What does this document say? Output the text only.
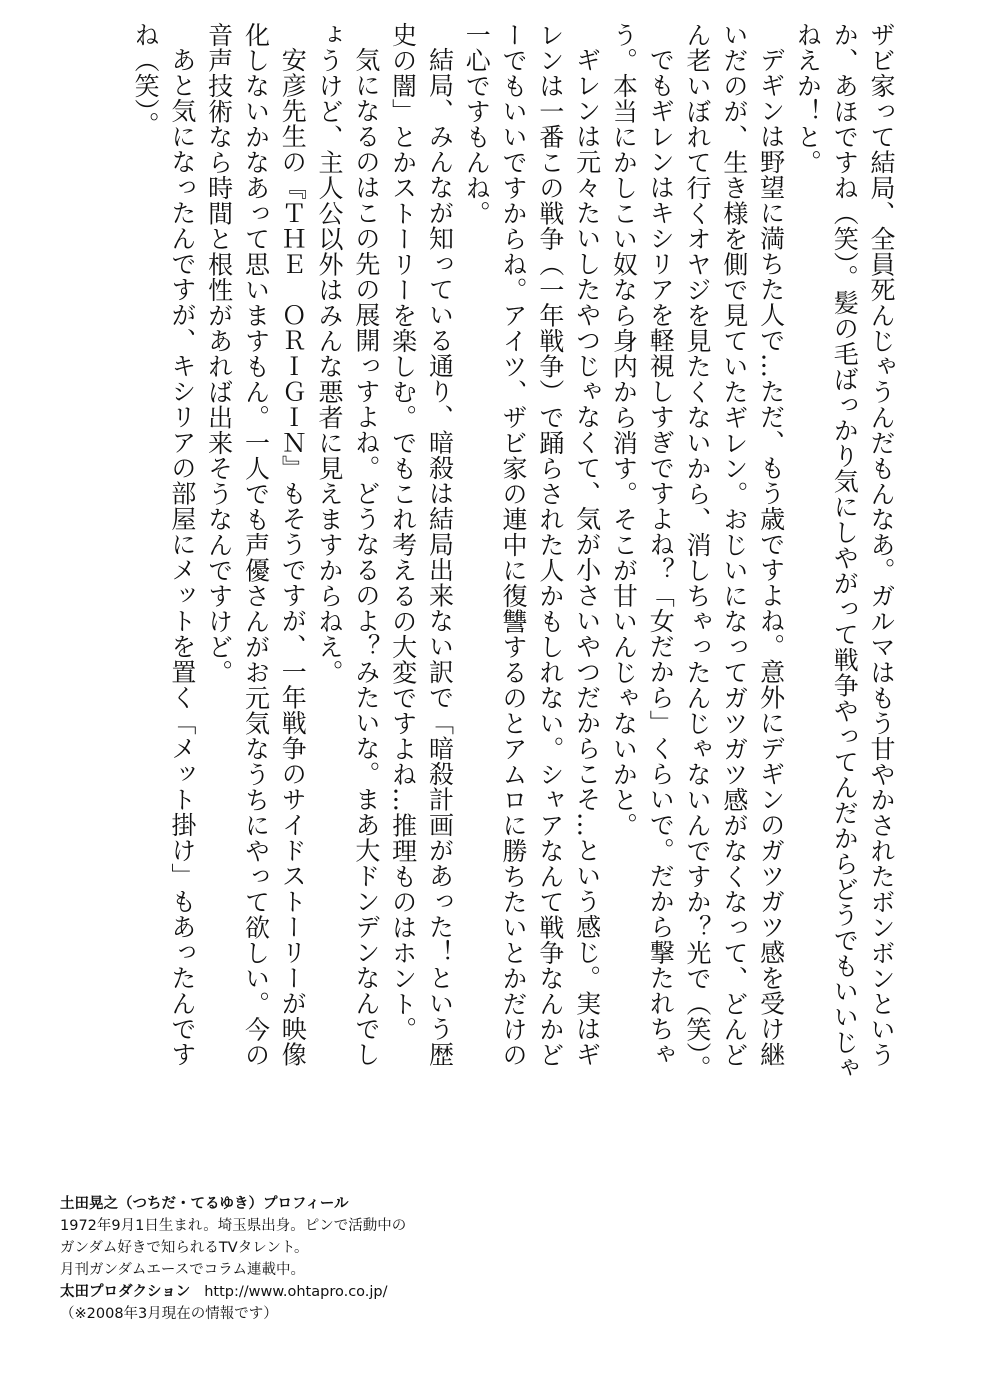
ザビ家って結局、全員死んじゃうんだもんなあ。ガルマはもう甘やかされたボンボンというか、あほですね（笑）。髪の毛ばっかり気にしやがって戦争やってんだからどうでもいいじゃねえか！と。

デギンは野望に満ちた人で…ただ、もう歳ですよね。意外にデギンのガツガツ感を受け継いだのが、生き様を側で見ていたギレン。おじいになってガツガツ感がなくなって、どんどん老いぼれて行くオヤジを見たくないから、消しちゃったんじゃないんですか？光で（笑）。

でもギレンはキシリアを軽視しすぎですよね？「女だから」くらいで。だから撃たれちゃう。本当にかしこい奴なら身内から消す。そこが甘いんじゃないかと。

ギレンは元々たいしたやつじゃなくて、気が小さいやつだからこそ…という感じ。実はギレンは一番この戦争（一年戦争）で踊らされた人かもしれない。シャアなんて戦争なんかどーでもいいですからね。アイツ、ザビ家の連中に復讐するのとアムロに勝ちたいとかだけの一心ですもんね。

結局、みんなが知っている通り、暗殺は結局出来ない訳で「暗殺計画があった！という歴史の闇」とかストーリーを楽しむ。でもこれ考えるの大変ですよね…推理ものはホント。

気になるのはこの先の展開っすよね。どうなるのよ？みたいな。まあ大ドンデンなんでしょうけど、主人公以外はみんな悪者に見えますからねえ。

安彦先生の『ＴＨＥ　ＯＲＩＧＩＮ』もそうですが、一年戦争のサイドストーリーが映像化しないかなあって思いますもん。一人でも声優さんがお元気なうちにやって欲しい。今の音声技術なら時間と根性があれば出来そうなんですけど。

あと気になったんですが、キシリアの部屋にメットを置く「メット掛け」もあったんですね（笑）。

土田晃之（つちだ・てるゆき）プロフィール
1972年9月1日生まれ。埼玉県出身。ピンで活動中の
ガンダム好きで知られるTVタレント。
月刊ガンダムエースでコラム連載中。
太田プロダクション http://www.ohtapro.co.jp/
（※2008年3月現在の情報です）
